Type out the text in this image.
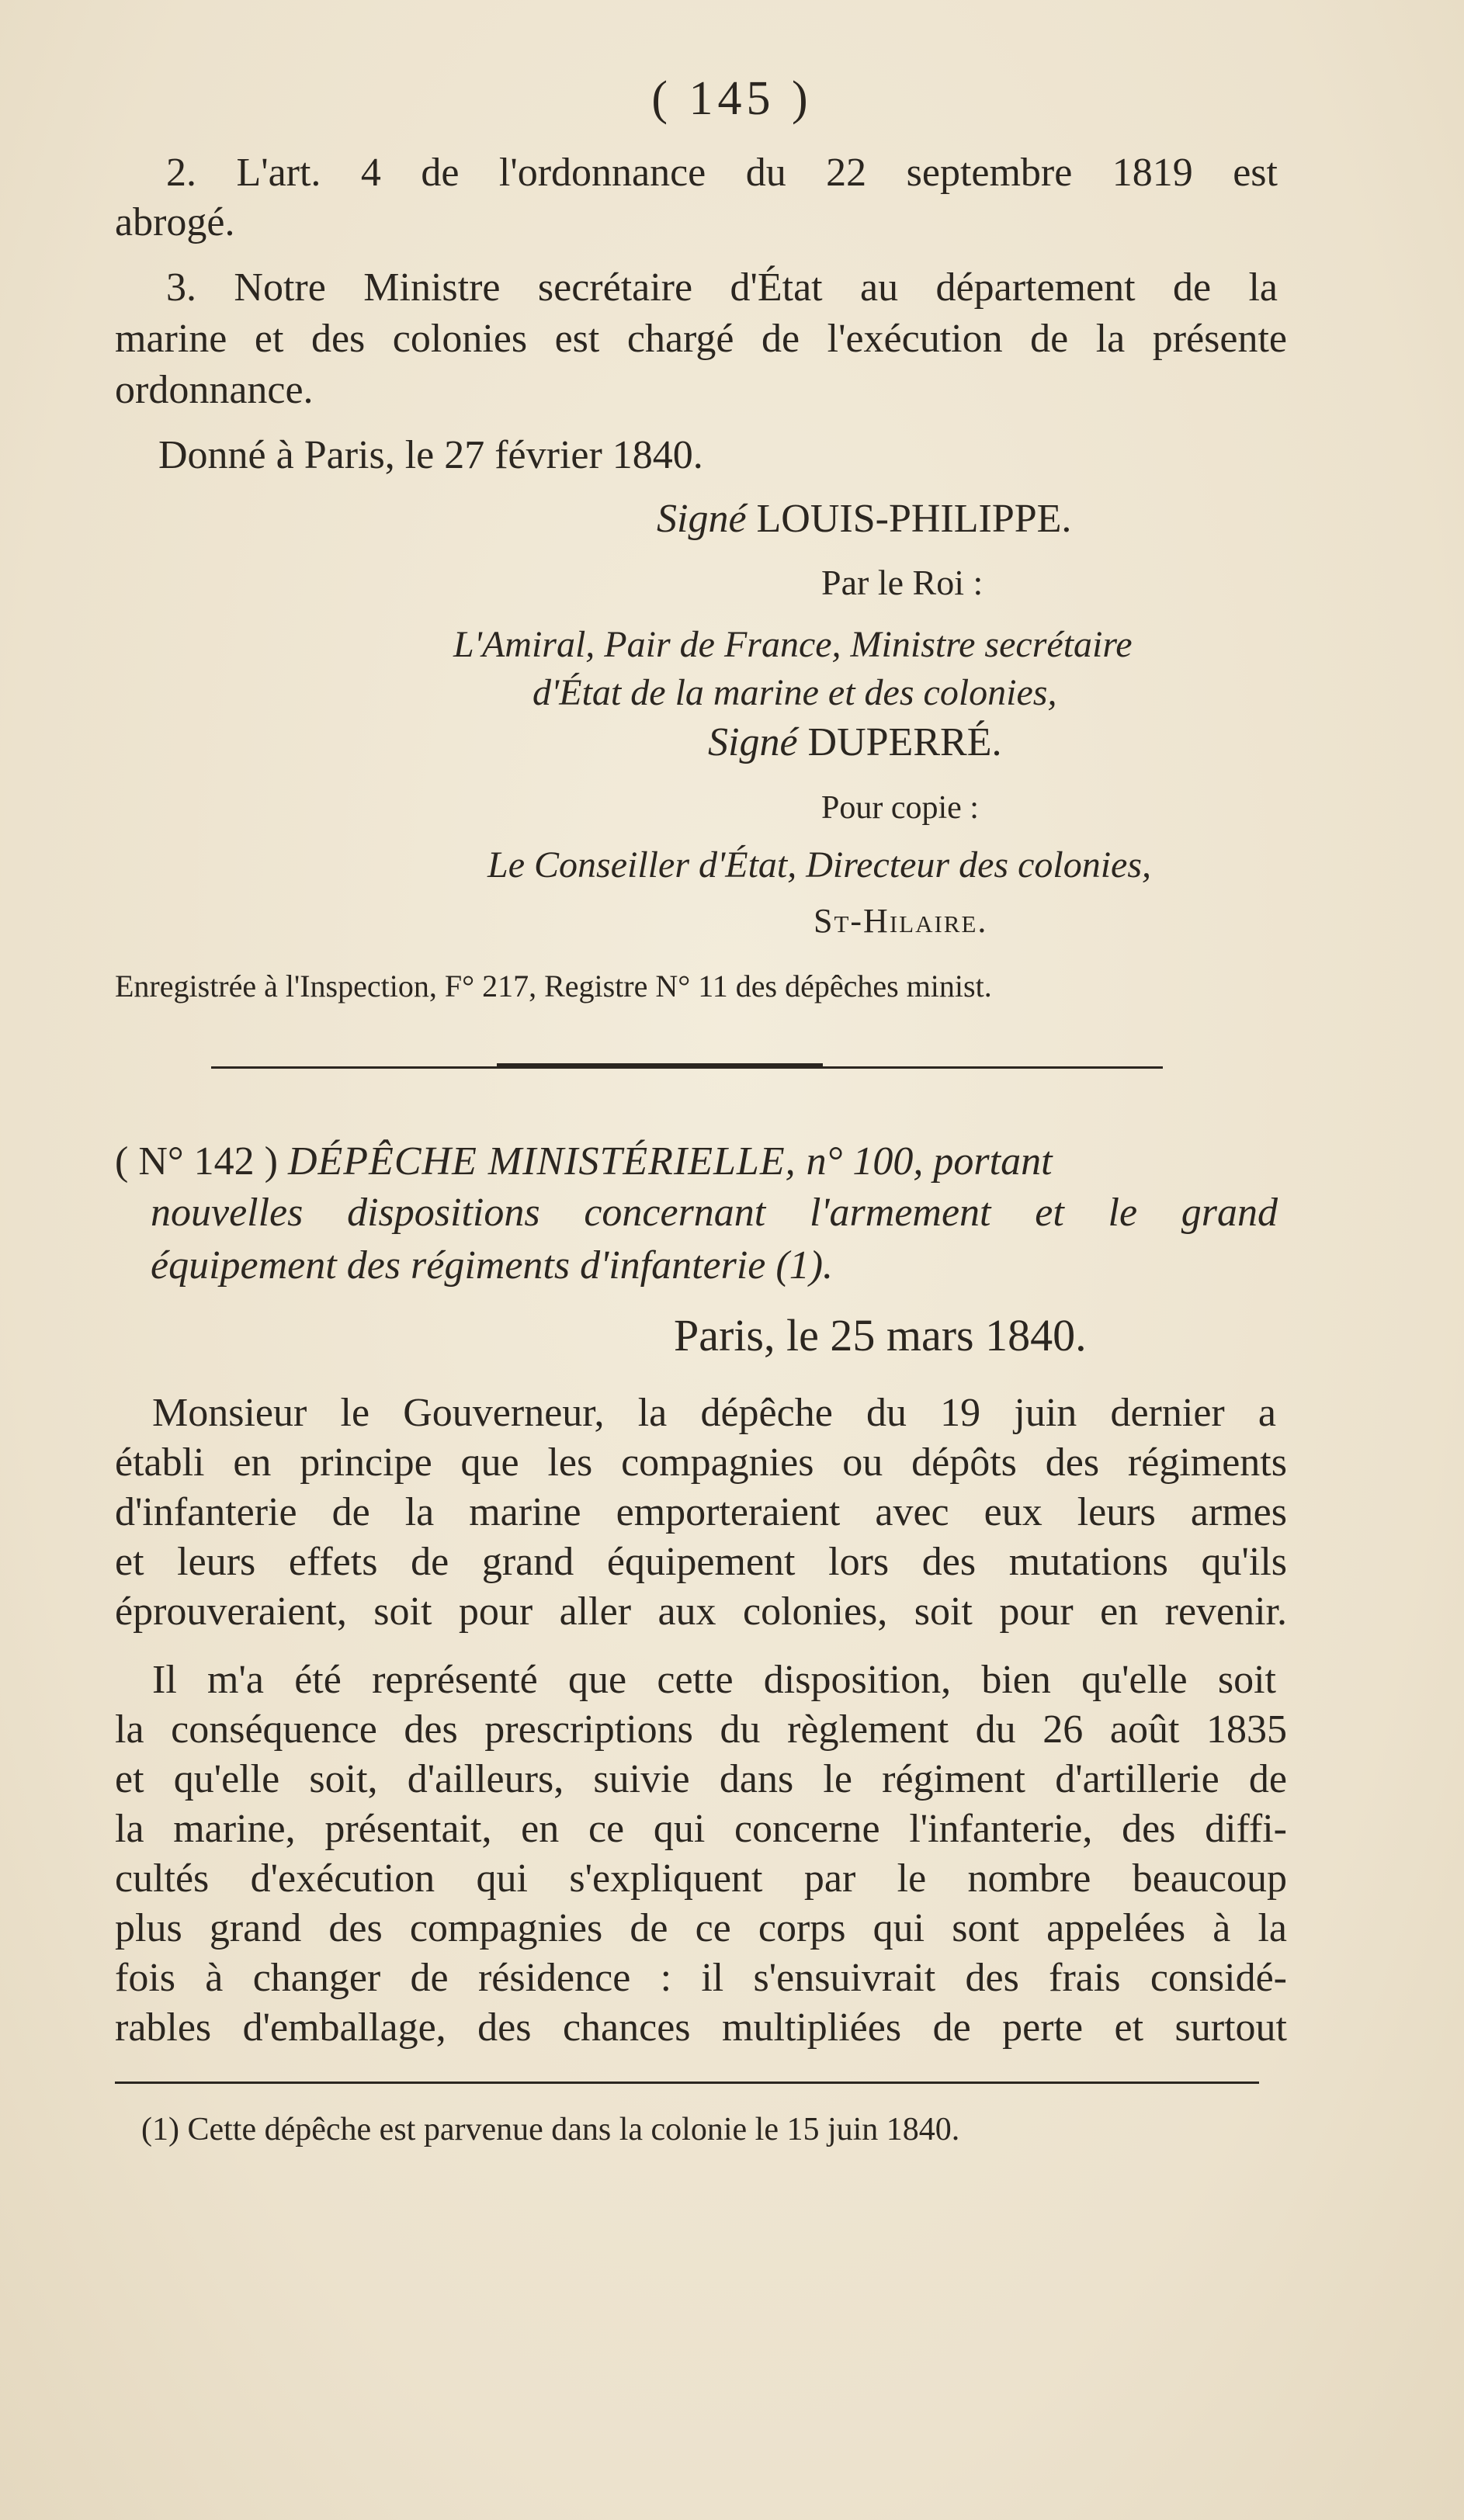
( 145 )
2. L'art. 4 de l'ordonnance du 22 septembre 1819 est
abrogé.
3. Notre Ministre secrétaire d'État au département de la
marine et des colonies est chargé de l'exécution de la présente
ordonnance.
Donné à Paris, le 27 février 1840.
Signé LOUIS-PHILIPPE.
Par le Roi :
L'Amiral, Pair de France, Ministre secrétaire
d'État de la marine et des colonies,
Signé DUPERRÉ.
Pour copie :
Le Conseiller d'État, Directeur des colonies,
St-Hilaire.
Enregistrée à l'Inspection, F° 217, Registre N° 11 des dépêches minist.
( N° 142 ) DÉPÊCHE MINISTÉRIELLE, n° 100, portant
nouvelles dispositions concernant l'armement et le grand
équipement des régiments d'infanterie (1).
Paris, le 25 mars 1840.
Monsieur le Gouverneur, la dépêche du 19 juin dernier a
établi en principe que les compagnies ou dépôts des régiments
d'infanterie de la marine emporteraient avec eux leurs armes
et leurs effets de grand équipement lors des mutations qu'ils
éprouveraient, soit pour aller aux colonies, soit pour en revenir.
Il m'a été représenté que cette disposition, bien qu'elle soit
la conséquence des prescriptions du règlement du 26 août 1835
et qu'elle soit, d'ailleurs, suivie dans le régiment d'artillerie de
la marine, présentait, en ce qui concerne l'infanterie, des diffi-
cultés d'exécution qui s'expliquent par le nombre beaucoup
plus grand des compagnies de ce corps qui sont appelées à la
fois à changer de résidence : il s'ensuivrait des frais considé-
rables d'emballage, des chances multipliées de perte et surtout
(1) Cette dépêche est parvenue dans la colonie le 15 juin 1840.
